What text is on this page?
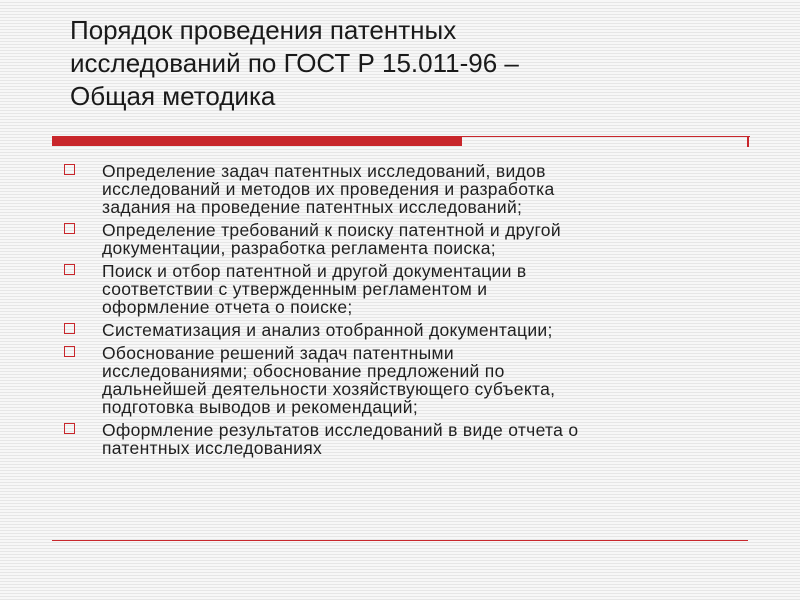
Порядок проведения патентных
исследований по ГОСТ Р 15.011-96 –
Общая методика
Определение задач патентных исследований, видов
исследований и методов их проведения и разработка
задания на проведение патентных исследований;
Определение требований к поиску патентной и другой
документации, разработка регламента поиска;
Поиск и отбор патентной и другой документации в
соответствии с утвержденным регламентом и
оформление отчета о поиске;
Систематизация и анализ отобранной документации;
Обоснование решений задач патентными
исследованиями; обоснование предложений по
дальнейшей деятельности хозяйствующего субъекта,
подготовка выводов и рекомендаций;
Оформление результатов исследований в виде отчета о
патентных исследованиях
